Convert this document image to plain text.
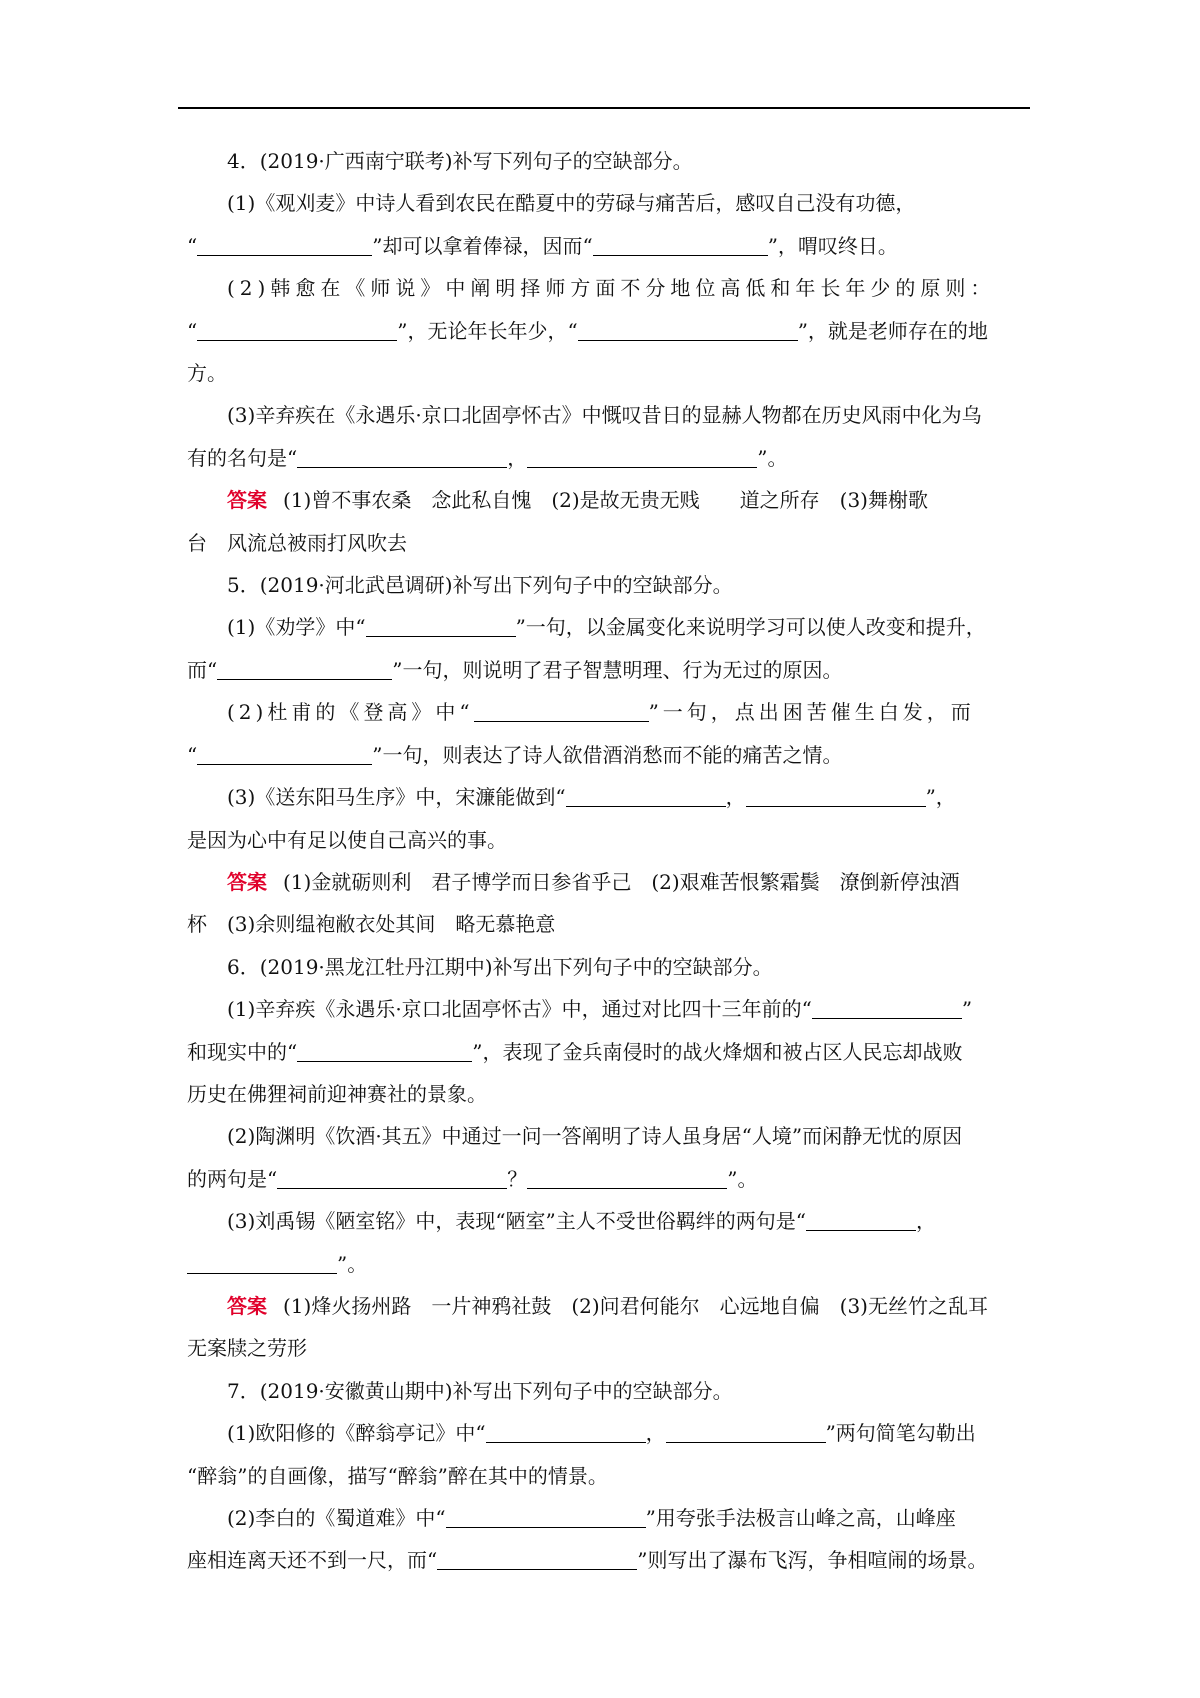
4．(2019·广西南宁联考)补写下列句子的空缺部分。

(1)《观刈麦》中诗人看到农民在酷夏中的劳碌与痛苦后，感叹自己没有功德，

“	”却可以拿着俸禄，因而“	”，喟叹终日。

(2)韩愈在《师说》中阐明择师方面不分地位高低和年长年少的原则：

“	”，无论年长年少，“	”，就是老师存在的地

方。

(3)辛弃疾在《永遇乐·京口北固亭怀古》中慨叹昔日的显赫人物都在历史风雨中化为乌

有的名句是“	，	”。

答案 (1)曾不事农桑　念此私自愧　(2)是故无贵无贱　　道之所存　(3)舞榭歌

台　风流总被雨打风吹去

5．(2019·河北武邑调研)补写出下列句子中的空缺部分。

(1)《劝学》中“	”一句，以金属变化来说明学习可以使人改变和提升，

而“	”一句，则说明了君子智慧明理、行为无过的原因。

(2)杜甫的《登高》中“	”一句，点出困苦催生白发，而

“	”一句，则表达了诗人欲借酒消愁而不能的痛苦之情。

(3)《送东阳马生序》中，宋濂能做到“	，	”，

是因为心中有足以使自己高兴的事。

答案 (1)金就砺则利　君子博学而日参省乎己　(2)艰难苦恨繁霜鬓　潦倒新停浊酒

杯　(3)余则缊袍敝衣处其间　略无慕艳意

6．(2019·黑龙江牡丹江期中)补写出下列句子中的空缺部分。

(1)辛弃疾《永遇乐·京口北固亭怀古》中，通过对比四十三年前的“	”

和现实中的“	”，表现了金兵南侵时的战火烽烟和被占区人民忘却战败

历史在佛狸祠前迎神赛社的景象。

(2)陶渊明《饮酒·其五》中通过一问一答阐明了诗人虽身居“人境”而闲静无忧的原因

的两句是“	？	”。

(3)刘禹锡《陋室铭》中，表现“陋室”主人不受世俗羁绊的两句是“	，

”。

答案 (1)烽火扬州路　一片神鸦社鼓　(2)问君何能尔　心远地自偏　(3)无丝竹之乱耳

无案牍之劳形

7．(2019·安徽黄山期中)补写出下列句子中的空缺部分。

(1)欧阳修的《醉翁亭记》中“	，	”两句简笔勾勒出

“醉翁”的自画像，描写“醉翁”醉在其中的情景。

(2)李白的《蜀道难》中“	”用夸张手法极言山峰之高，山峰座

座相连离天还不到一尺，而“	”则写出了瀑布飞泻，争相喧闹的场景。
